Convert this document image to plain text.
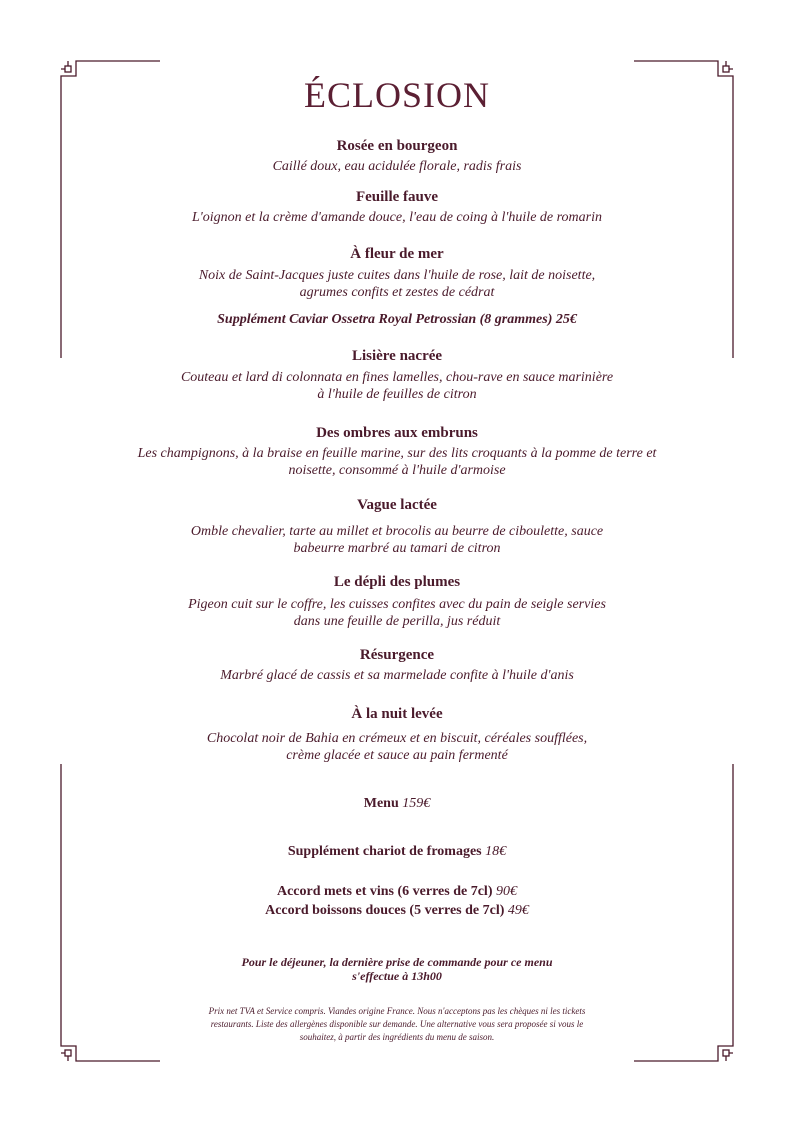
ÉCLOSION
Rosée en bourgeon
Caillé doux, eau acidulée florale, radis frais
Feuille fauve
L'oignon et la crème d'amande douce, l'eau de coing à l'huile de romarin
À fleur de mer
Noix de Saint-Jacques juste cuites dans l'huile de rose, lait de noisette,
agrumes confits et zestes de cédrat
Supplément Caviar Ossetra Royal Petrossian (8 grammes) 25€
Lisière nacrée
Couteau et lard di colonnata en fines lamelles, chou-rave en sauce marinière
à l'huile de feuilles de citron
Des ombres aux embruns
Les champignons, à la braise en feuille marine, sur des lits croquants à la pomme de terre et
noisette, consommé à l'huile d'armoise
Vague lactée
Omble chevalier, tarte au millet et brocolis au beurre de ciboulette, sauce
babeurre marbré au tamari de citron
Le dépli des plumes
Pigeon cuit sur le coffre, les cuisses confites avec du pain de seigle servies
dans une feuille de perilla, jus réduit
Résurgence
Marbré glacé de cassis et sa marmelade confite à l'huile d'anis
À la nuit levée
Chocolat noir de Bahia en crémeux et en biscuit, céréales soufflées,
crème glacée et sauce au pain fermenté
Menu 159€
Supplément chariot de fromages 18€
Accord mets et vins (6 verres de 7cl) 90€
Accord boissons douces (5 verres de 7cl) 49€
Pour le déjeuner, la dernière prise de commande pour ce menu
s'effectue à 13h00
Prix net TVA et Service compris. Viandes origine France. Nous n'acceptons pas les chèques ni les tickets
restaurants. Liste des allergènes disponible sur demande. Une alternative vous sera proposée si vous le
souhaitez, à partir des ingrédients du menu de saison.
